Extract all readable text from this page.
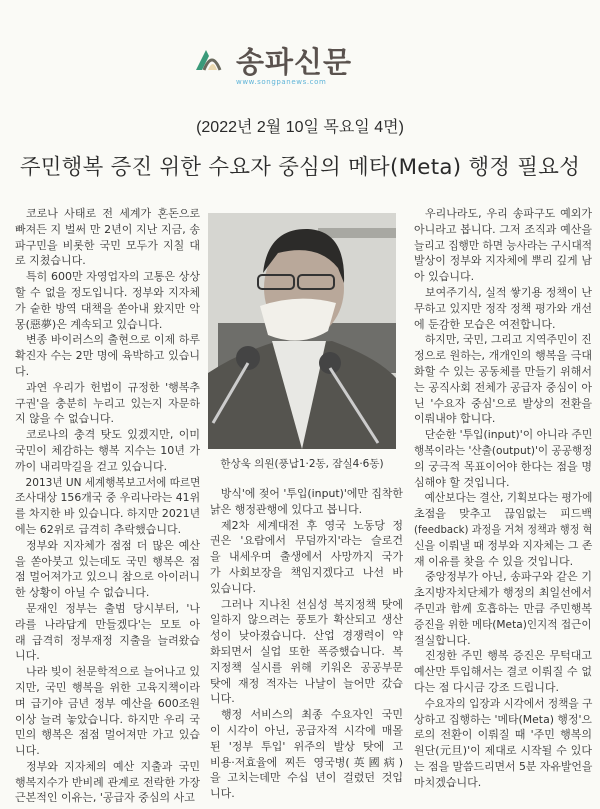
송파신문
www.songpanews.com
(2022년 2월 10일 목요일 4면)
주민행복 증진 위한 수요자 중심의 메타(Meta) 행정 필요성
코로나 사태로 전 세계가 혼돈으로
빠져든 지 벌써 만 2년이 지난 지금, 송
파구민을 비롯한 국민 모두가 지칠 대
로 지쳤습니다.
특히 600만 자영업자의 고통은 상상
할 수 없을 정도입니다. 정부와 지자체
가 숱한 방역 대책을 쏟아내 왔지만 악
몽(惡夢)은 계속되고 있습니다.
변종 바이러스의 출현으로 이제 하루
확진자 수는 2만 명에 육박하고 있습니
다.
과연 우리가 헌법이 규정한 '행복추
구권'을 충분히 누리고 있는지 자문하
지 않을 수 없습니다.
코로나의 충격 탓도 있겠지만, 이미
국민이 체감하는 행복 지수는 10년 가
까이 내리막길을 걷고 있습니다.
2013년 UN 세계행복보고서에 따르면
조사대상 156개국 중 우리나라는 41위
를 차지한 바 있습니다. 하지만 2021년
에는 62위로 급격히 추락했습니다.
정부와 지자체가 점점 더 많은 예산
을 쏟아붓고 있는데도 국민 행복은 점
점 멀어져가고 있으니 참으로 아이러니
한 상황이 아닐 수 없습니다.
문재인 정부는 출범 당시부터, '나
라를 나라답게 만들겠다'는 모토 아
래 급격히 정부재정 지출을 늘려왔습
니다.
나라 빚이 천문학적으로 늘어나고 있
지만, 국민 행복을 위한 고육지책이라
며 급기야 금년 정부 예산을 600조원
이상 늘려 놓았습니다. 하지만 우리 국
민의 행복은 점점 멀어져만 가고 있습
니다.
정부와 지자체의 예산 지출과 국민
행복지수가 반비례 관계로 전락한 가장
근본적인 이유는, '공급자 중심의 사고
방식'에 젖어 '투입(input)'에만 집착한
낡은 행정관행에 있다고 봅니다.
제2차 세계대전 후 영국 노동당 정
권은 '요람에서 무덤까지'라는 슬로건
을 내세우며 출생에서 사망까지 국가
가 사회보장을 책임지겠다고 나선 바
있습니다.
그러나 지나친 선심성 복지정책 탓에
일하지 않으려는 풍토가 확산되고 생산
성이 낮아졌습니다. 산업 경쟁력이 약
화되면서 실업 또한 폭증했습니다. 복
지정책 실시를 위해 키워온 공공부문
탓에 재정 적자는 나날이 늘어만 갔습
니다.
행정 서비스의 최종 수요자인 국민
이 시각이 아닌, 공급자적 시각에 매몰
된 '정부 투입' 위주의 발상 탓에 고
비용·저효율에 찌든 영국병(英國病)
을 고치는데만 수십 년이 걸렸던 것입
니다.
우리나라도, 우리 송파구도 예외가
아니라고 봅니다. 그저 조직과 예산을
늘리고 집행만 하면 능사라는 구시대적
발상이 정부와 지자체에 뿌리 깊게 남
아 있습니다.
보여주기식, 실적 쌓기용 정책이 난
무하고 있지만 정작 정책 평가와 개선
에 둔감한 모습은 여전합니다.
하지만, 국민, 그리고 지역주민이 진
정으로 원하는, 개개인의 행복을 극대
화할 수 있는 공동체를 만들기 위해서
는 공직사회 전체가 공급자 중심이 아
닌 '수요자 중심'으로 발상의 전환을
이뤄내야 합니다.
단순한 '투입(input)'이 아니라 주민
행복이라는 '산출(output)'이 공공행정
의 궁극적 목표이어야 한다는 점을 명
심해야 할 것입니다.
예산보다는 결산, 기획보다는 평가에
초점을 맞추고 끊임없는 피드백
(feedback) 과정을 거쳐 정책과 행정 혁
신을 이뤄낼 때 정부와 지자체는 그 존
재 이유를 찾을 수 있을 것입니다.
중앙정부가 아닌, 송파구와 같은 기
초지방자치단체가 행정의 최일선에서
주민과 함께 호흡하는 만큼 주민행복
증진을 위한 메타(Meta)인지적 접근이
절실합니다.
진정한 주민 행복 증진은 무턱대고
예산만 투입해서는 결코 이뤄질 수 없
다는 점 다시금 강조 드립니다.
수요자의 입장과 시각에서 정책을 구
상하고 집행하는 '메타(Meta) 행정'으
로의 전환이 이뤄질 때 '주민 행복의
원단(元旦)'이 제대로 시작될 수 있다
는 점을 말씀드리면서 5분 자유발언을
마치겠습니다.
한상욱 의원(풍납1·2동, 잠실4·6동)
